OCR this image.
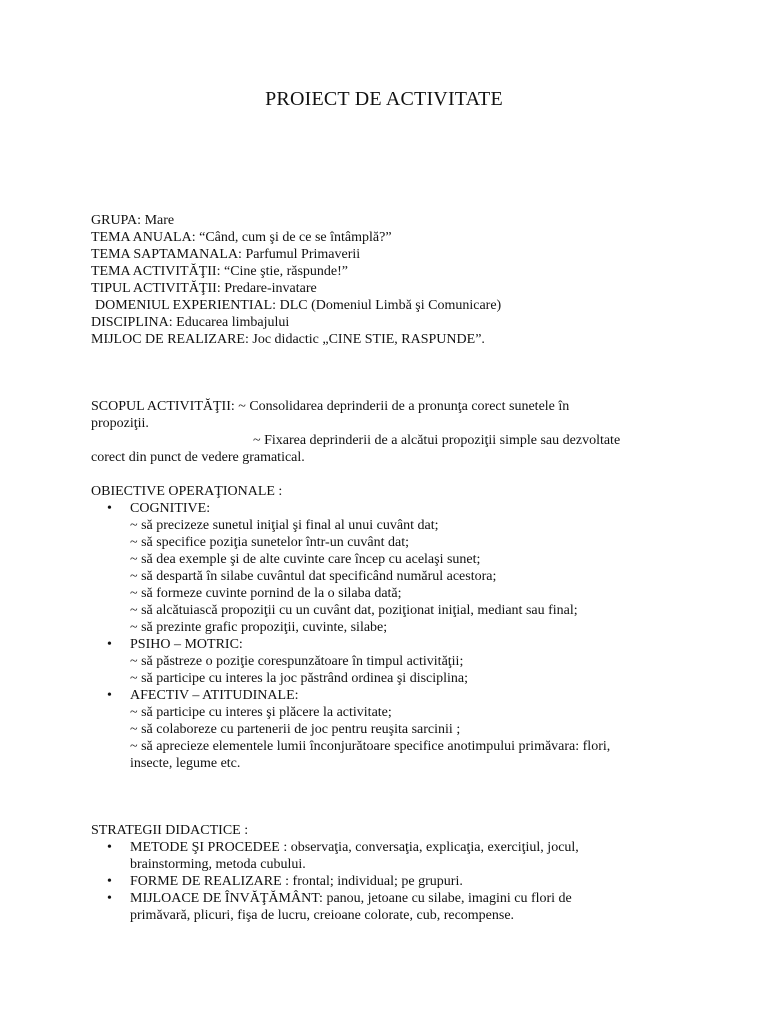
PROIECT DE ACTIVITATE
GRUPA: Mare
TEMA ANUALA: “Când, cum şi de ce se întâmplă?”
TEMA SAPTAMANALA: Parfumul Primaverii
TEMA ACTIVITĂŢII: “Cine ştie, răspunde!”
TIPUL ACTIVITĂŢII: Predare-invatare
DOMENIUL EXPERIENTIAL: DLC (Domeniul Limbă şi Comunicare)
DISCIPLINA: Educarea limbajului
MIJLOC DE REALIZARE: Joc didactic „CINE STIE, RASPUNDE”.
SCOPUL ACTIVITĂŢII: ~ Consolidarea deprinderii de a pronunţa corect sunetele în
propoziţii.
~ Fixarea deprinderii de a alcătui propoziţii simple sau dezvoltate
corect din punct de vedere gramatical.
OBIECTIVE OPERAŢIONALE :
• COGNITIVE:
~ să precizeze sunetul iniţial şi final al unui cuvânt dat;
~ să specifice poziţia sunetelor într-un cuvânt dat;
~ să dea exemple şi de alte cuvinte care încep cu acelaşi sunet;
~ să despartă în silabe cuvântul dat specificând numărul acestora;
~ să formeze cuvinte pornind de la o silaba dată;
~ să alcătuiască propoziţii cu un cuvânt dat, poziţionat iniţial, mediant sau final;
~ să prezinte grafic propoziţii, cuvinte, silabe;
• PSIHO – MOTRIC:
~ să păstreze o poziţie corespunzătoare în timpul activităţii;
~ să participe cu interes la joc păstrând ordinea şi disciplina;
• AFECTIV – ATITUDINALE:
~ să participe cu interes şi plăcere la activitate;
~ să colaboreze cu partenerii de joc pentru reuşita sarcinii ;
~ să aprecieze elementele lumii înconjurătoare specifice anotimpului primăvara: flori,
insecte, legume etc.
STRATEGII DIDACTICE :
• METODE ŞI PROCEDEE : observaţia, conversaţia, explicaţia, exerciţiul, jocul,
brainstorming, metoda cubului.
• FORME DE REALIZARE : frontal; individual; pe grupuri.
• MIJLOACE DE ÎNVĂŢĂMÂNT: panou, jetoane cu silabe, imagini cu flori de
primăvară, plicuri, fişa de lucru, creioane colorate, cub, recompense.
